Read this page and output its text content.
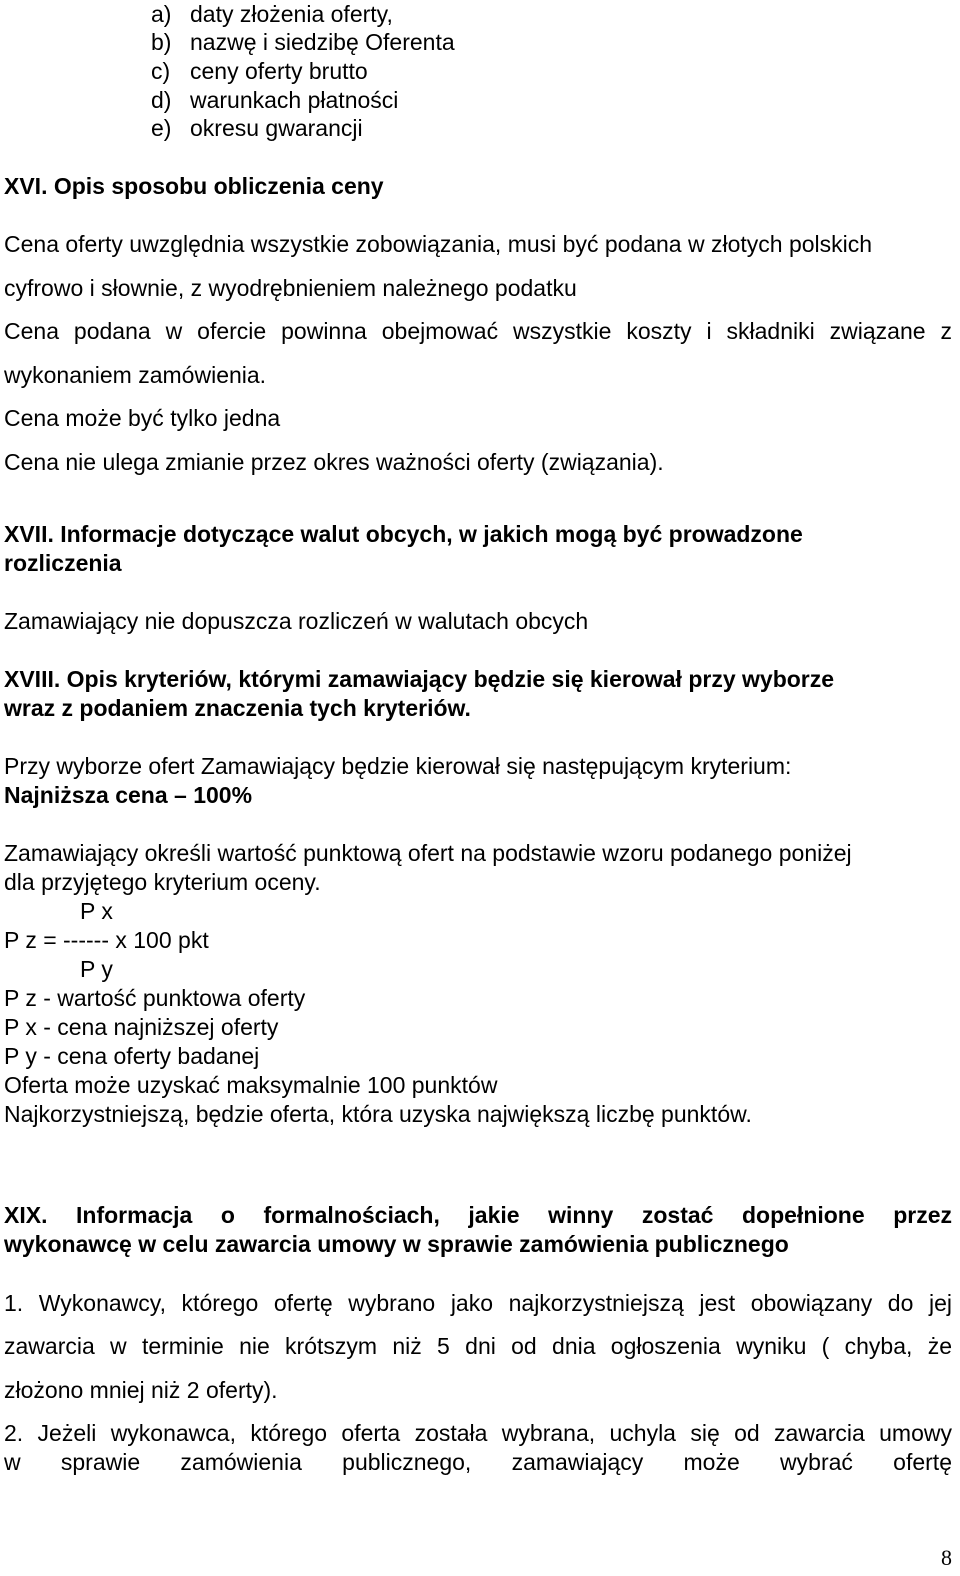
a) daty złożenia oferty,
b) nazwę i siedzibę Oferenta
c) ceny oferty brutto
d) warunkach płatności
e) okresu gwarancji
XVI. Opis sposobu obliczenia ceny
Cena oferty uwzględnia wszystkie zobowiązania, musi być podana w złotych polskich
cyfrowo i słownie, z wyodrębnieniem należnego podatku
Cena podana w ofercie powinna obejmować wszystkie koszty i składniki związane z
wykonaniem zamówienia.
Cena może być tylko jedna
Cena nie ulega zmianie przez okres ważności oferty (związania).
XVII. Informacje dotyczące walut obcych, w jakich mogą być prowadzone
rozliczenia
Zamawiający nie dopuszcza rozliczeń w walutach obcych
XVIII. Opis kryteriów, którymi zamawiający będzie się kierował przy wyborze
wraz z podaniem znaczenia tych kryteriów.
Przy wyborze ofert Zamawiający będzie kierował się następującym kryterium:
Najniższa cena – 100%
Zamawiający określi wartość punktową ofert na podstawie wzoru podanego poniżej
dla przyjętego kryterium oceny.
P x
P z = ------ x 100 pkt
P y
P z - wartość punktowa oferty
P x - cena najniższej oferty
P y - cena oferty badanej
Oferta może uzyskać maksymalnie 100 punktów
Najkorzystniejszą, będzie oferta, która uzyska największą liczbę punktów.
XIX. Informacja o formalnościach, jakie winny zostać dopełnione przez
wykonawcę w celu zawarcia umowy w sprawie zamówienia publicznego
1. Wykonawcy, którego ofertę wybrano jako najkorzystniejszą jest obowiązany do jej
zawarcia w terminie nie krótszym niż 5 dni od dnia ogłoszenia wyniku ( chyba, że
złożono mniej niż 2 oferty).
2. Jeżeli wykonawca, którego oferta została wybrana, uchyla się od zawarcia umowy
w sprawie zamówienia publicznego, zamawiający może wybrać ofertę
8
